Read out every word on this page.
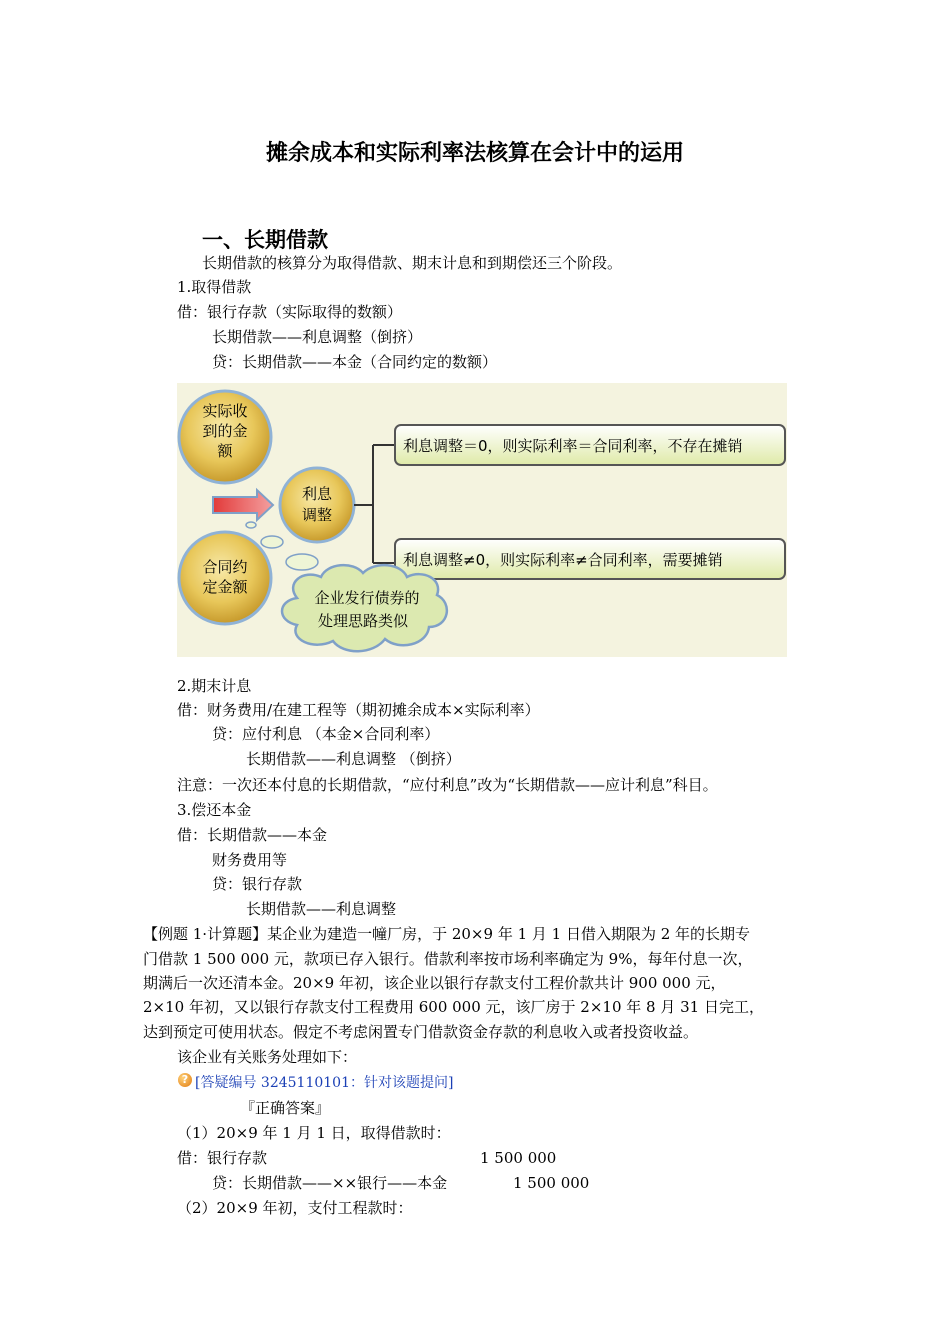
摊余成本和实际利率法核算在会计中的运用
一、长期借款
长期借款的核算分为取得借款、期末计息和到期偿还三个阶段。
1.取得借款
借：银行存款（实际取得的数额）
长期借款——利息调整（倒挤）
贷：长期借款——本金（合同约定的数额）
实际收
到的金
额
合同约
定金额
利息
调整
利息调整＝0，则实际利率＝合同利率，不存在摊销
利息调整≠0，则实际利率≠合同利率，需要摊销
企业发行债券的
处理思路类似
2.期末计息
借：财务费用/在建工程等（期初摊余成本×实际利率）
贷：应付利息 （本金×合同利率）
长期借款——利息调整 （倒挤）
注意：一次还本付息的长期借款，“应付利息”改为“长期借款——应计利息”科目。
3.偿还本金
借：长期借款——本金
财务费用等
贷：银行存款
长期借款——利息调整
【例题 1·计算题】某企业为建造一幢厂房，于 20×9 年 1 月 1 日借入期限为 2 年的长期专
门借款 1 500 000 元，款项已存入银行。借款利率按市场利率确定为 9%，每年付息一次，
期满后一次还清本金。20×9 年初，该企业以银行存款支付工程价款共计 900 000 元，
2×10 年初，又以银行存款支付工程费用 600 000 元，该厂房于 2×10 年 8 月 31 日完工，
达到预定可使用状态。假定不考虑闲置专门借款资金存款的利息收入或者投资收益。
该企业有关账务处理如下：
? [答疑编号 3245110101：针对该题提问]
『正确答案』
（1）20×9 年 1 月 1 日，取得借款时：
借：银行存款	1 500 000
贷：长期借款——××银行——本金	1 500 000
（2）20×9 年初，支付工程款时：
